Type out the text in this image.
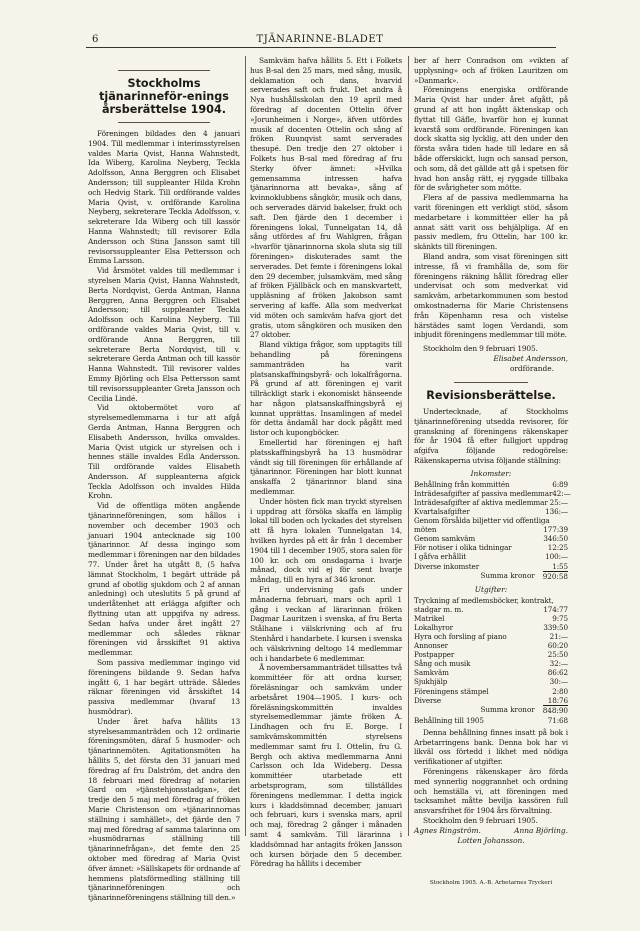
6	TJÄNARINNE-BLADET
Stockholms tjänarinneför-enings årsberättelse 1904.

Föreningen bildades den 4 januari 1904. Till medlemmar i interimsstyrelsen valdes Maria Qvist, Hanna Wahnstedt, Ida Wiberg, Karolina Neyberg, Teckla Adolfsson, Anna Berggren och Elisabet Andersson; till suppleanter Hilda Krohn och Hedvig Stark. Till ordförande valdes Maria Qvist, v. ordförande Karolina Neyberg, sekreterare Teckla Adolfsson, v. sekreterare Ida Wiberg och till kassör Hanna Wahnstedt; till revisorer Edla Andersson och Stina Jansson samt till revisorssuppleanter Elsa Pettersson och Emma Larsson.

Vid årsmötet valdes till medlemmar i styrelsen Maria Qvist, Hanna Wahnstedt, Berta Nordqvist, Gerda Antman, Hanna Berggren, Anna Berggren och Elisabet Andersson; till suppleanter Teckla Adolfsson och Karolina Neyberg. Till ordförande valdes Maria Qvist, till v. ordförande Anna Berggren, till sekreterare Berta Nordqvist, till v. sekreterare Gerda Antman och till kassör Hanna Wahnstedt. Till revisorer valdes Emmy Björling och Elsa Pettersson samt till revisorssuppleanter Greta Jansson och Cecilia Lindé.

Vid oktobermötet voro af styrelsemedlemmarna i tur att afgå Gerda Antman, Hanna Berggren och Elisabeth Andersson, hvilka omvaldes. Maria Qvist utgick ur styrelsen och i hennes ställe invaldes Edla Andersson. Till ordförande valdes Elisabeth Andersson. Af suppleanterna afgick Teckla Adolfsson och invaldes Hilda Krohn.

Vid de offentliga möten angående tjänarinneföreningen, som hållos i november och december 1903 och januari 1904 antecknade sig 100 tjänarinnor. Af dessa ingingo som medlemmar i föreningen nar den bildades 77. Under året ha utgått 8, (5 hafva lämnat Stockholm, 1 begärt utträde på grund af obotlig sjukdom och 2 af annan anledning) och uteslutits 5 på grund af underlåtenhet att erlägga afgifter och flyttning utan att uppgifva ny adress. Sedan hafva under året ingått 27 medlemmar och således räknar föreningen vid årsskiftet 91 aktiva medlemmar.

Som passiva medlemmar ingingo vid föreningens bildande 9. Sedan hafva ingått 6, 1 har begärt utträde. Således räknar föreningen vid årsskiftet 14 passiva medlemmar (hvaraf 13 husmödrar).

Under året hafva hållits 13 styrelsesammanträden och 12 ordinarie föreningsmöten, däraf 5 husmoder- och tjänarinnemöten. Agitationsmöten ha hållits 5, det första den 31 januari med föredrag af fru Dalström, det andra den 18 februari med föredrag af notarien Gard om »tjänstehjonsstadgan», det tredje den 5 maj med föredrag af fröken Marie Christenson om »tjänarinnornas ställning i samhället», det fjärde den 7 maj med föredrag af samma talarinna om »husmödrarnas ställning till tjänarinnefrågan», det femte den 25 oktober med föredrag af Maria Qvist öfver ämnet: »Sällskapets för ordnande af hemmens platsförmedling ställning till tjänarinneföreningen och tjänarinneföreningens ställning till den.»

Samkväm hafva hållits 5. Ett i Folkets hus B-sal den 25 mars, med sång, musik, deklamation och dans, hvarvid serverades saft och frukt. Det andra å Nya hushållsskolan den 19 april med föredrag af docenten Ottelin öfver »Jorunheimen i Norge», äfven utfördes musik af docenten Ottelin och sång af fröken Ruunqvist samt serverades thesupé. Den tredje den 27 oktober i Folkets hus B-sal med föredrag af fru Sterky öfver ämnet: »Hvilka gemensamma intressen hafva tjänarinnorna att bevaka», sång af kvinnoklubbens sångkör, musik och dans, och serverades därvid bakelser, frukt och saft. Den fjärde den 1 december i föreningens lokal, Tunnelgatan 14, då sång utfördes af fru Wahlgren, frågan »hvarför tjänarinnorna skola sluta sig till föreningen» diskuterades samt the serverades. Det femte i föreningens lokal den 29 december, julsamkväm, med sång af fröken Fjällbäck och en manskvartett, uppläsning af fröken Jakobson samt servering af kaffe. Alla som medverkat vid möten och samkväm hafva gjort det gratis, utom sångkören och musiken den 27 oktober.

Bland viktiga frågor, som upptagits till behandling på föreningens sammanträden ha varit platsanskaffningsbyrå- och lokalfrågorna. På grund af att föreningen ej varit tillräckligt stark i ekonomiskt hänseende har någon platsanskaffningsbyrå ej kunnat upprättas. Insamlingen af medel för detta ändamål har dock pågått med listor och kupongböcker.

Emellertid har föreningen ej haft platsskaffningsbyrå ha 13 husmödrar vändt sig till föreningen för erhållande af tjänarinnor. Föreningen har blott kunnat anskaffa 2 tjänarinnor bland sina medlemmar.

Under hösten fick man tryckt styrelsen i uppdrag att försöka skaffa en lämplig lokal till boden och lyckades det styrelsen att få hyra lokalen Tunnelgatan 14, hvilken hyrdes på ett år från 1 december 1904 till 1 december 1905, stora salen för 100 kr. och om onsdagarna i hvarje månad, dock vid ej för sent hvarje måndag, till en hyra af 346 kronor.

Fri undervisning gafs under månaderna februari, mars och april 1 gång i veckan af lärarinnan fröken Dagmar Lauritzen i svenska, af fru Berta Stålhane i välskrivning och af fru Stenhård i handarbete. I kursen i svenska och välskrivning deltogo 14 medlemmar och i handarbete 6 medlemmar.

Å novembersammanträdet tillsattes två kommittéer för att ordna kurser, föreläsningar och samkväm under arbetsåret 1904—1905. I kurs- och föreläsningskommittén invaldes styrelsemedlemmar jämte fröken A. Lindhagen och fru E. Borge. I samkvämskommittén styrelsens medlemmar samt fru I. Ottelin, fru G. Bergh och aktiva medlemmarna Anni Carlsson och Ida Wideberg. Dessa kommittéer utarbetade ett arbetsprogram, som tillställdes föreningens medlemmar. I detta ingick kurs i kladdsömnad december, januari och februari, kurs i svenska mars, april och maj, föredrag 2 gånger i månaden samt 4 samkväm. Till lärarinna i kladdsömnad har antagits fröken Jansson och kursen började den 5 december. Föredrag ha hållits i december

ber af herr Conradson om »vikten af upplysning» och af fröken Lauritzen om »Danmark».

Föreningens energiska ordförande Maria Qvist har under året afgått, på grund af att hon ingått äktenskap och flyttat till Gäfle, hvarför hon ej kunnat kvarstå som ordförande. Föreningen kan dock skatta sig lycklig, att den under den första svåra tiden hade till ledare en så både offerskickt, lugn och sansad person, och som, då det gällde att gå i spetsen för hvad hon ansåg rätt, ej ryggade tillbaka för de svårigheter som mötte.

Flera af de passiva medlemmarna ha varit föreningen ett verkligt stöd, såsom medarbetare i kommittéer eller ha på annat sätt varit oss behjälpliga. Af en passiv medlem, fru Ottelin, har 100 kr. skänkts till föreningen.

Bland andra, som visat föreningen sitt intresse, få vi framhålla de, som för föreningens räkning hållit föredrag eller undervisat och som medverkat vid samkväm, arbetarkommunen som bestod omkostnaderna för Marie Christensens från Köpenhamn resa och vistelse härstädes samt logen Verdandi, som inbjudit föreningens medlemmar till möte.

Stockholm den 9 februari 1905.

Elisabet Andersson,
ordförande.
Revisionsberättelse.

Undertecknade, af Stockholms tjänarinneförening utsedda revisorer, för granskning af föreningens räkenskaper för år 1904 få efter fullgjort uppdrag afgifva följande redogörelse: Räkenskaperna utvisa följande ställning:

Inkomster:
Behållning från kommittén	6:89
Inträdesafgifter af passiva medlemmar 42:—
Inträdesafgifter af aktiva medlemmar 25:—
Kvartalsafgifter	136:—
Genom försålda biljetter vid offentliga
möten	177:39
Genom samkväm	346:50
För notiser i olika tidningar	12:25
I gåfva erhållit	100:—
Diverse inkomster	1:55
Summa kronor 920:58
Utgifter:
Tryckning af medlemsböcker, kontrakt,
stadgar m. m.	174:77
Matrikel	9:75
Lokalhyror	339:50
Hyra och forsling af piano	21:—
Annonser	60:20
Postpapper	25:50
Sång och musik	32:—
Samkväm	86:62
Sjukhjälp	30:—
Föreningens stämpel	2:80
Diverse	18:76
Summa kronor 848:90
Behållning till 1905	71:68

Denna behållning finnes insatt på bok i Arbetarringens bank. Denna bok har vi likväl oss förtedd i likhet med nödiga verifikationer af utgifter.

Föreningens räkenskaper äro förda med synnerlig noggrannhet och ordning och hemställa vi, att föreningen med tacksamhet måtte bevilja kassören full ansvarsfrihet för 1904 års förvaltning.

Stockholm den 9 februari 1905.

Agnes Ringström.	Anna Björling.
Lotten Johansson.
Stockholm 1905. A.-B. Arbetarnes Tryckeri
